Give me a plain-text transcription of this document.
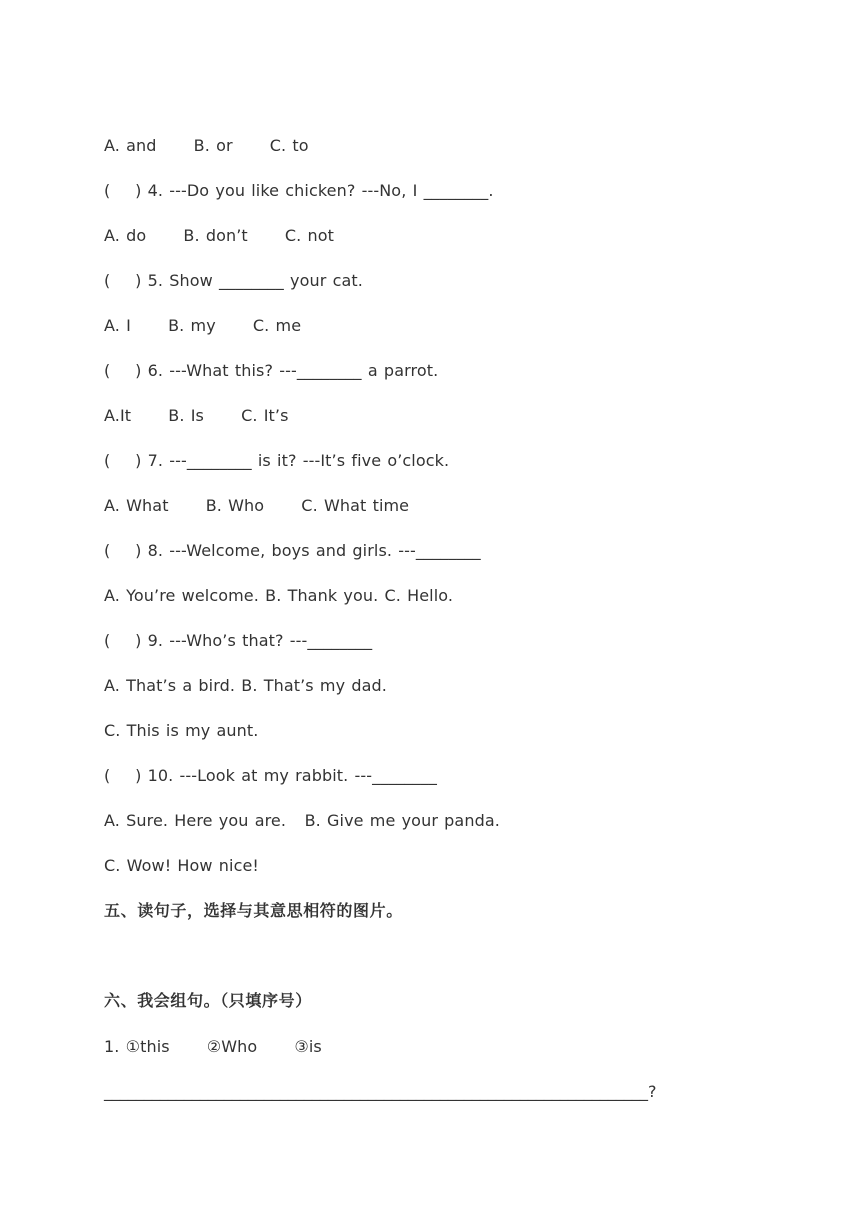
A. and      B. or      C. to
(    ) 4. ---Do you like chicken? ---No, I ________.
A. do      B. don’t      C. not
(    ) 5. Show ________ your cat.
A. I      B. my      C. me
(    ) 6. ---What this? ---________ a parrot.
A.It      B. Is      C. It’s
(    ) 7. ---________ is it? ---It’s five o’clock.
A. What      B. Who      C. What time
(    ) 8. ---Welcome, boys and girls. ---________
A. You’re welcome. B. Thank you. C. Hello.
(    ) 9. ---Who’s that? ---________
A. That’s a bird. B. That’s my dad.
C. This is my aunt.
(    ) 10. ---Look at my rabbit. ---________
A. Sure. Here you are.   B. Give me your panda.
C. Wow! How nice!
五、读句子，选择与其意思相符的图片。
六、我会组句。（只填序号）
1. ①this      ②Who      ③is
____________________________________________________________________?
